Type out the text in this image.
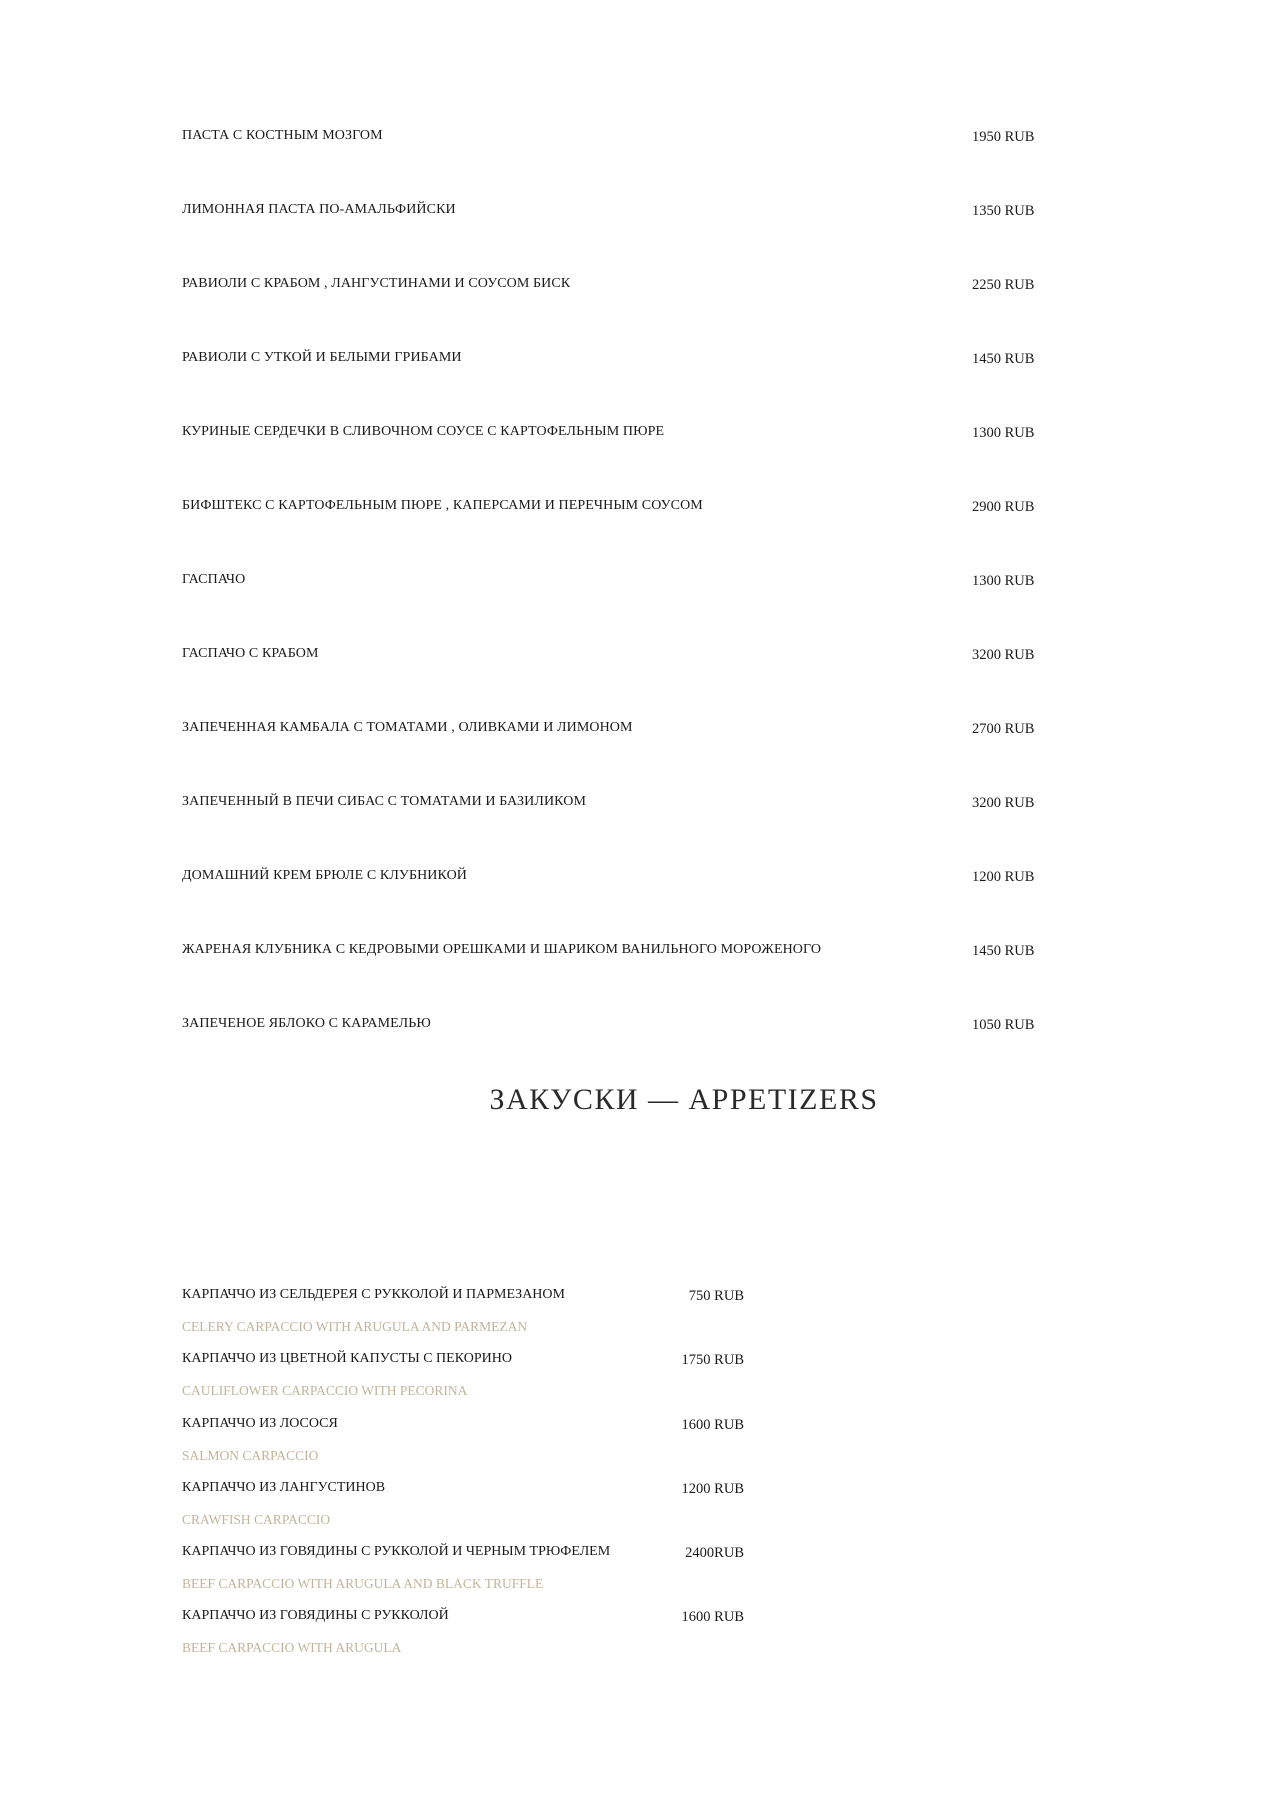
ПАСТА С КОСТНЫМ МОЗГОМ	1950 RUB
ЛИМОННАЯ ПАСТА ПО-АМАЛЬФИЙСКИ	1350 RUB
РАВИОЛИ С КРАБОМ , ЛАНГУСТИНАМИ И СОУСОМ БИСК	2250 RUB
РАВИОЛИ С УТКОЙ И БЕЛЫМИ ГРИБАМИ	1450 RUB
КУРИНЫЕ СЕРДЕЧКИ В СЛИВОЧНОМ СОУСЕ С КАРТОФЕЛЬНЫМ ПЮРЕ	1300 RUB
БИФШТЕКС С КАРТОФЕЛЬНЫМ ПЮРЕ , КАПЕРСАМИ И ПЕРЕЧНЫМ СОУСОМ	2900 RUB
ГАСПАЧО	1300 RUB
ГАСПАЧО С КРАБОМ	3200 RUB
ЗАПЕЧЕННАЯ КАМБАЛА С ТОМАТАМИ , ОЛИВКАМИ И ЛИМОНОМ	2700 RUB
ЗАПЕЧЕННЫЙ В ПЕЧИ СИБАС С ТОМАТАМИ И БАЗИЛИКОМ	3200 RUB
ДОМАШНИЙ КРЕМ БРЮЛЕ С КЛУБНИКОЙ	1200 RUB
ЖАРЕНАЯ КЛУБНИКА С КЕДРОВЫМИ ОРЕШКАМИ И ШАРИКОМ ВАНИЛЬНОГО МОРОЖЕНОГО	1450 RUB
ЗАПЕЧЕНОЕ ЯБЛОКО С КАРАМЕЛЬЮ	1050 RUB
ЗАКУСКИ — APPETIZERS
КАРПАЧЧО ИЗ СЕЛЬДЕРЕЯ С РУККОЛОЙ И ПАРМЕЗАНОМ	750 RUB
CELERY CARPACCIO WITH ARUGULA AND PARMEZAN
КАРПАЧЧО ИЗ ЦВЕТНОЙ КАПУСТЫ С ПЕКОРИНО	1750 RUB
CAULIFLOWER CARPACCIO WITH PECORINA
КАРПАЧЧО ИЗ ЛОСОСЯ	1600 RUB
SALMON CARPACCIO
КАРПАЧЧО ИЗ ЛАНГУСТИНОВ	1200 RUB
CRAWFISH CARPACCIO
КАРПАЧЧО ИЗ ГОВЯДИНЫ С РУККОЛОЙ И ЧЕРНЫМ ТРЮФЕЛЕМ	2400RUB
BEEF CARPACCIO WITH ARUGULA AND BLACK TRUFFLE
КАРПАЧЧО ИЗ ГОВЯДИНЫ С РУККОЛОЙ	1600 RUB
BEEF CARPACCIO WITH ARUGULA
